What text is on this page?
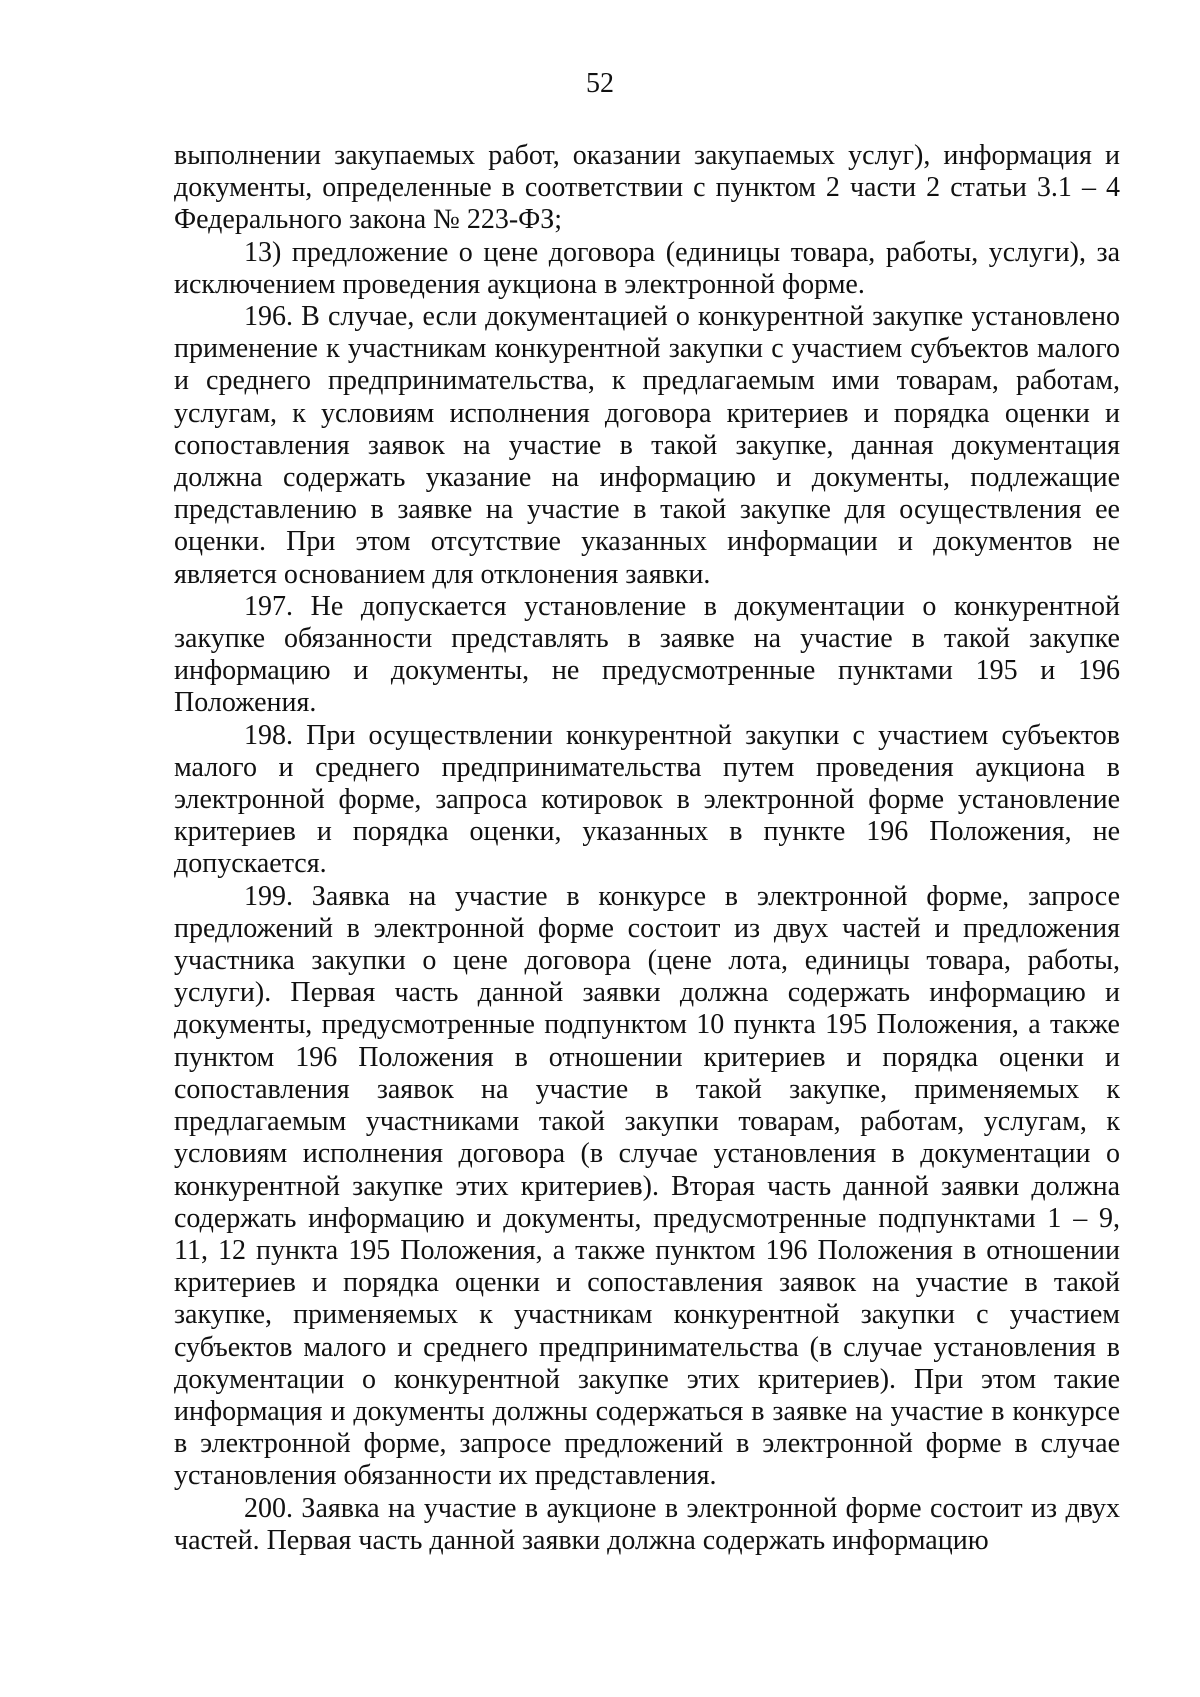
52

выполнении закупаемых работ, оказании закупаемых услуг), информация и документы, определенные в соответствии с пунктом 2 части 2 статьи 3.1 – 4 Федерального закона № 223-ФЗ;

13) предложение о цене договора (единицы товара, работы, услуги), за исключением проведения аукциона в электронной форме.

196. В случае, если документацией о конкурентной закупке установлено применение к участникам конкурентной закупки с участием субъектов малого и среднего предпринимательства, к предлагаемым ими товарам, работам, услугам, к условиям исполнения договора критериев и порядка оценки и сопоставления заявок на участие в такой закупке, данная документация должна содержать указание на информацию и документы, подлежащие представлению в заявке на участие в такой закупке для осуществления ее оценки. При этом отсутствие указанных информации и документов не является основанием для отклонения заявки.

197. Не допускается установление в документации о конкурентной закупке обязанности представлять в заявке на участие в такой закупке информацию и документы, не предусмотренные пунктами 195 и 196 Положения.

198. При осуществлении конкурентной закупки с участием субъектов малого и среднего предпринимательства путем проведения аукциона в электронной форме, запроса котировок в электронной форме установление критериев и порядка оценки, указанных в пункте 196 Положения, не допускается.

199. Заявка на участие в конкурсе в электронной форме, запросе предложений в электронной форме состоит из двух частей и предложения участника закупки о цене договора (цене лота, единицы товара, работы, услуги). Первая часть данной заявки должна содержать информацию и документы, предусмотренные подпунктом 10 пункта 195 Положения, а также пунктом 196 Положения в отношении критериев и порядка оценки и сопоставления заявок на участие в такой закупке, применяемых к предлагаемым участниками такой закупки товарам, работам, услугам, к условиям исполнения договора (в случае установления в документации о конкурентной закупке этих критериев). Вторая часть данной заявки должна содержать информацию и документы, предусмотренные подпунктами 1 – 9, 11, 12 пункта 195 Положения, а также пунктом 196 Положения в отношении критериев и порядка оценки и сопоставления заявок на участие в такой закупке, применяемых к участникам конкурентной закупки с участием субъектов малого и среднего предпринимательства (в случае установления в документации о конкурентной закупке этих критериев). При этом такие информация и документы должны содержаться в заявке на участие в конкурсе в электронной форме, запросе предложений в электронной форме в случае установления обязанности их представления.

200. Заявка на участие в аукционе в электронной форме состоит из двух частей. Первая часть данной заявки должна содержать информацию
